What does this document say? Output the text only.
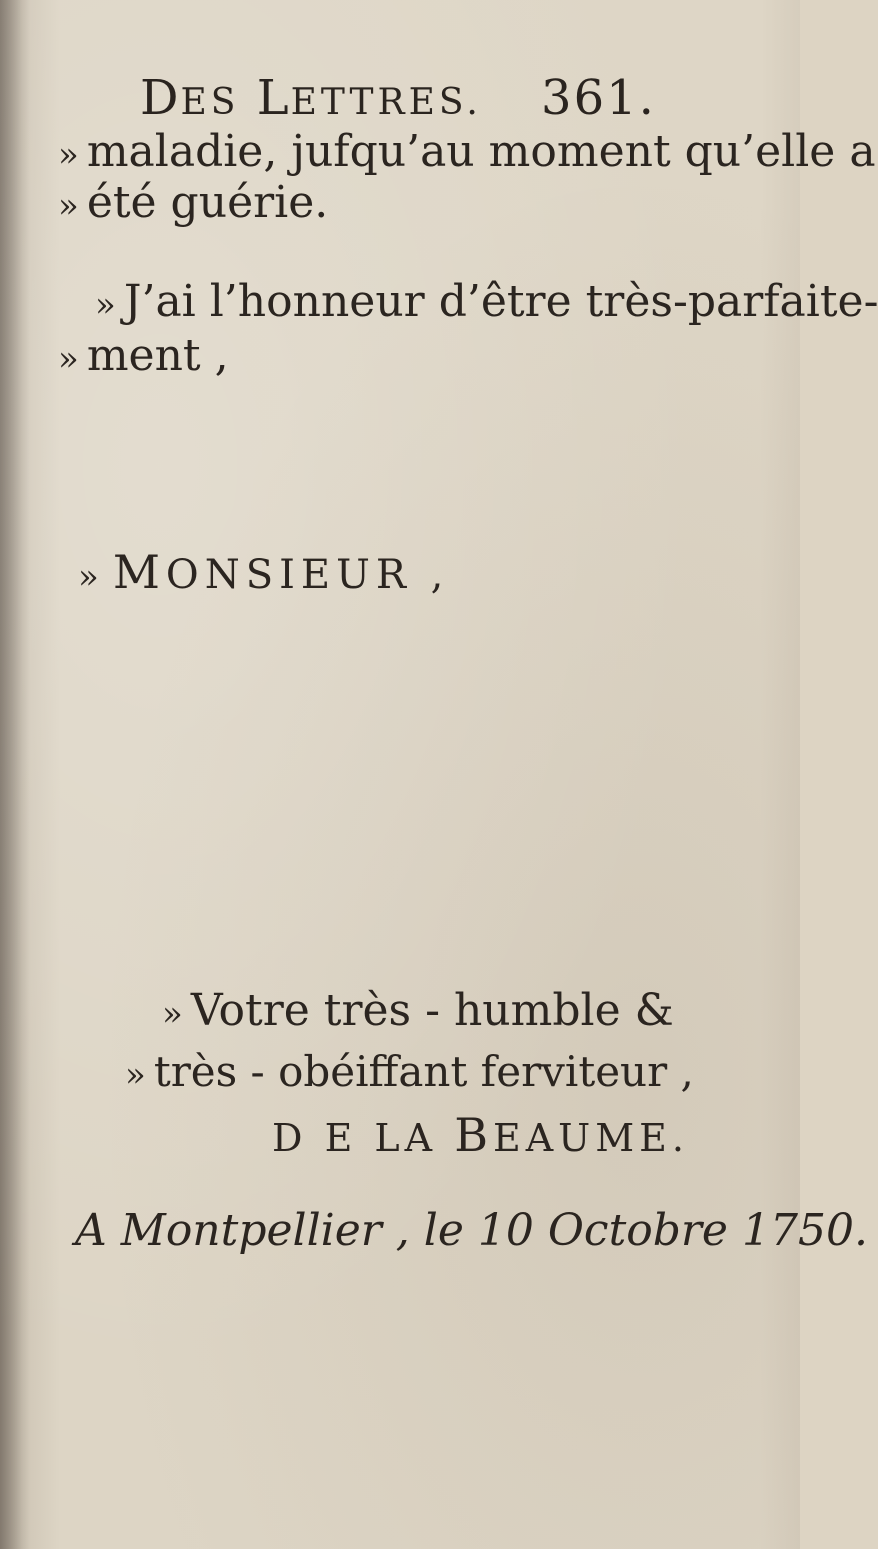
DES LETTRES. 361.
» maladie, jufqu’au moment qu’elle a
» été guérie.
» J’ai l’honneur d’être très-parfaite-
» ment ,
» MONSIEUR ,
» Votre très - humble &
» très - obéiffant ferviteur ,
D E LA BEAUME.
A Montpellier , le 10 Octobre 1750.
